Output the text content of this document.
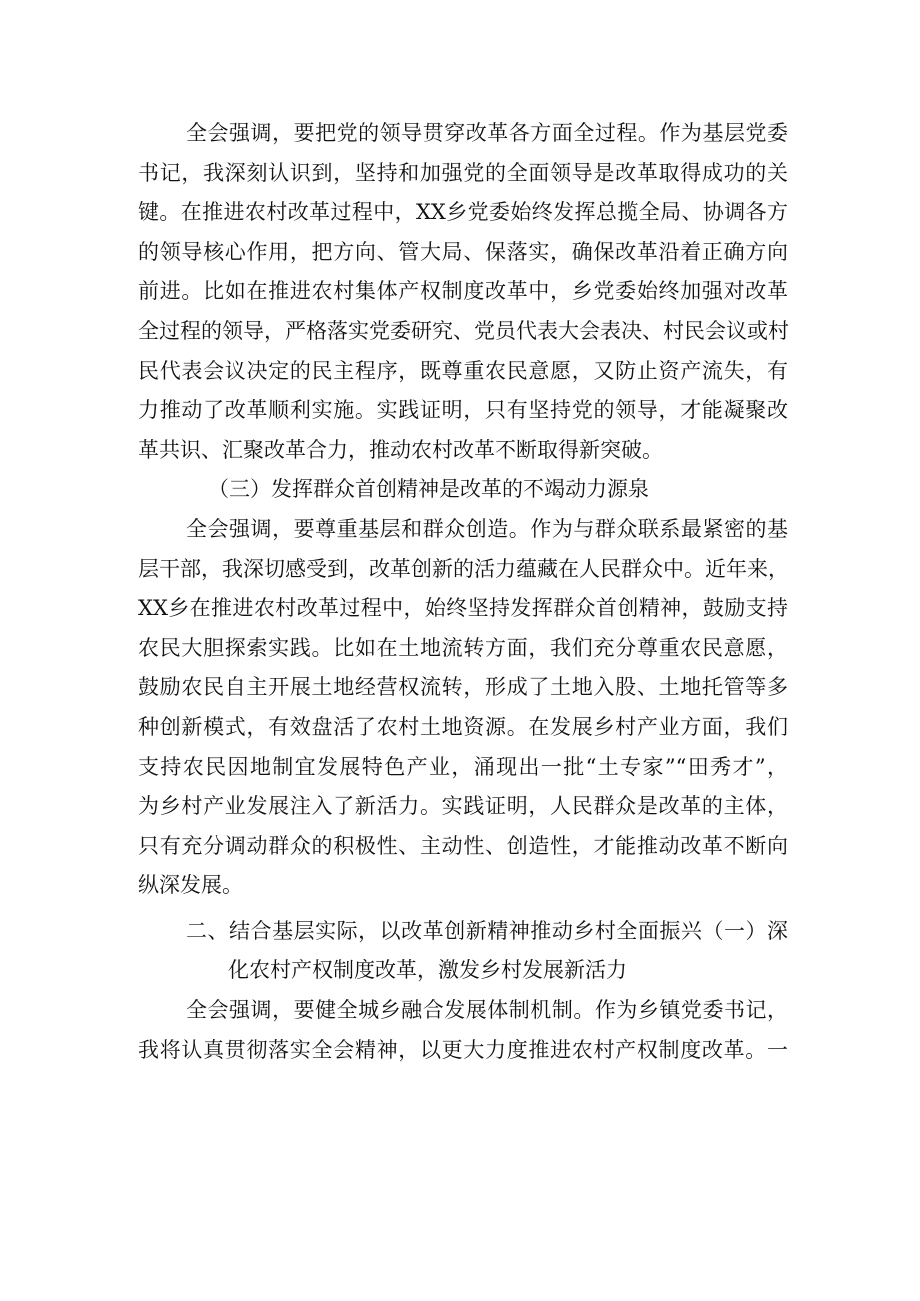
全会强调，要把党的领导贯穿改革各方面全过程。作为基层党委
书记，我深刻认识到，坚持和加强党的全面领导是改革取得成功的关
键。在推进农村改革过程中，XX乡党委始终发挥总揽全局、协调各方
的领导核心作用，把方向、管大局、保落实，确保改革沿着正确方向
前进。比如在推进农村集体产权制度改革中，乡党委始终加强对改革
全过程的领导，严格落实党委研究、党员代表大会表决、村民会议或村
民代表会议决定的民主程序，既尊重农民意愿，又防止资产流失，有
力推动了改革顺利实施。实践证明，只有坚持党的领导，才能凝聚改
革共识、汇聚改革合力，推动农村改革不断取得新突破。
（三）发挥群众首创精神是改革的不竭动力源泉
全会强调，要尊重基层和群众创造。作为与群众联系最紧密的基
层干部，我深切感受到，改革创新的活力蕴藏在人民群众中。近年来，
XX乡在推进农村改革过程中，始终坚持发挥群众首创精神，鼓励支持
农民大胆探索实践。比如在土地流转方面，我们充分尊重农民意愿，
鼓励农民自主开展土地经营权流转，形成了土地入股、土地托管等多
种创新模式，有效盘活了农村土地资源。在发展乡村产业方面，我们
支持农民因地制宜发展特色产业，涌现出一批“土专家”“田秀才”，
为乡村产业发展注入了新活力。实践证明，人民群众是改革的主体，
只有充分调动群众的积极性、主动性、创造性，才能推动改革不断向
纵深发展。
二、结合基层实际，以改革创新精神推动乡村全面振兴（一）深
化农村产权制度改革，激发乡村发展新活力
全会强调，要健全城乡融合发展体制机制。作为乡镇党委书记，
我将认真贯彻落实全会精神，以更大力度推进农村产权制度改革。一
